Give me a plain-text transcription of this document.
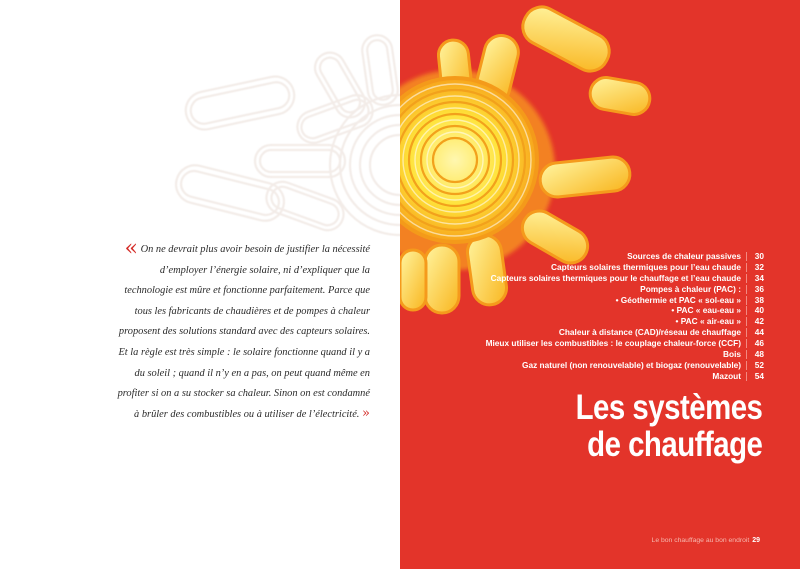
« On ne devrait plus avoir besoin de justifier la nécessité d’employer l’énergie solaire, ni d’expliquer que la technologie est mûre et fonctionne parfaitement. Parce que tous les fabricants de chaudières et de pompes à chaleur proposent des solutions standard avec des capteurs solaires. Et la règle est très simple : le solaire fonctionne quand il y a du soleil ; quand il n’y en a pas, on peut quand même en profiter si on a su stocker sa chaleur. Sinon on est condamné à brûler des combustibles ou à utiliser de l’électricité. »

Sources de chaleur passives	30
Capteurs solaires thermiques pour l’eau chaude	32
Capteurs solaires thermiques pour le chauffage et l’eau chaude	34
Pompes à chaleur (PAC) :	36
• Géothermie et PAC « sol-eau »	38
• PAC « eau-eau »	40
• PAC « air-eau »	42
Chaleur à distance (CAD)/réseau de chauffage	44
Mieux utiliser les combustibles : le couplage chaleur-force (CCF)	46
Bois	48
Gaz naturel (non renouvelable) et biogaz (renouvelable)	52
Mazout	54
Les systèmes
de chauffage
Le bon chauffage au bon endroit 29
